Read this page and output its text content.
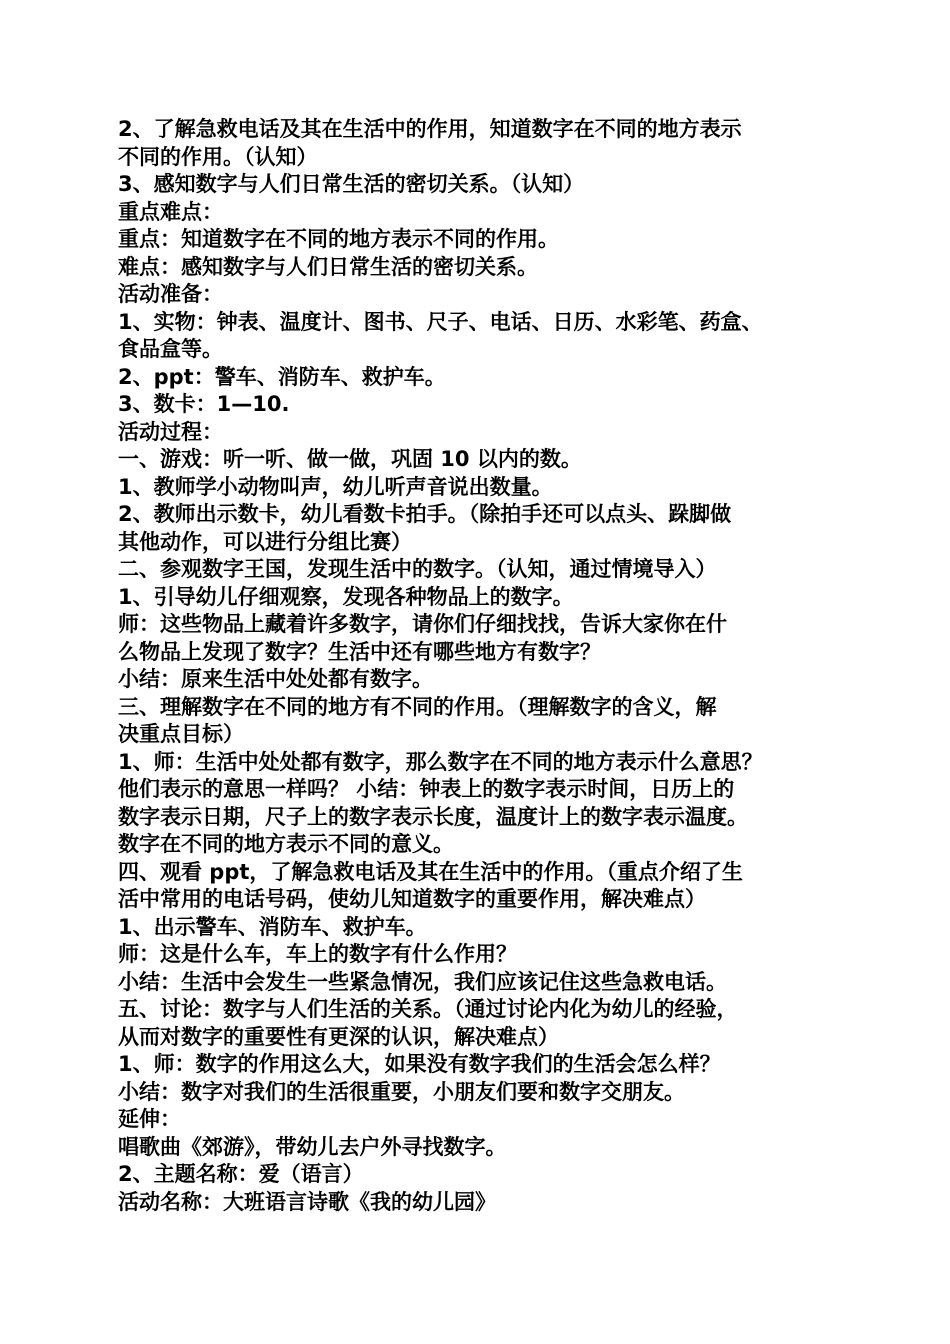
2、了解急救电话及其在生活中的作用，知道数字在不同的地方表示
不同的作用。（认知）
3、感知数字与人们日常生活的密切关系。（认知）
重点难点：
重点：知道数字在不同的地方表示不同的作用。
难点：感知数字与人们日常生活的密切关系。
活动准备：
1、实物：钟表、温度计、图书、尺子、电话、日历、水彩笔、药盒、
食品盒等。
2、ppt：警车、消防车、救护车。
3、数卡：1—10.
活动过程：
一、游戏：听一听、做一做，巩固 10 以内的数。
1、教师学小动物叫声，幼儿听声音说出数量。
2、教师出示数卡，幼儿看数卡拍手。（除拍手还可以点头、跺脚做
其他动作，可以进行分组比赛）
二、参观数字王国，发现生活中的数字。（认知，通过情境导入）
1、引导幼儿仔细观察，发现各种物品上的数字。
师：这些物品上藏着许多数字，请你们仔细找找，告诉大家你在什
么物品上发现了数字？生活中还有哪些地方有数字？
小结：原来生活中处处都有数字。
三、理解数字在不同的地方有不同的作用。（理解数字的含义，解
决重点目标）
1、师：生活中处处都有数字，那么数字在不同的地方表示什么意思？
他们表示的意思一样吗？ 小结：钟表上的数字表示时间，日历上的
数字表示日期，尺子上的数字表示长度，温度计上的数字表示温度。
数字在不同的地方表示不同的意义。
四、观看 ppt，了解急救电话及其在生活中的作用。（重点介绍了生
活中常用的电话号码，使幼儿知道数字的重要作用，解决难点）
1、出示警车、消防车、救护车。
师：这是什么车，车上的数字有什么作用？
小结：生活中会发生一些紧急情况，我们应该记住这些急救电话。
五、讨论：数字与人们生活的关系。（通过讨论内化为幼儿的经验，
从而对数字的重要性有更深的认识，解决难点）
1、师：数字的作用这么大，如果没有数字我们的生活会怎么样？
小结：数字对我们的生活很重要，小朋友们要和数字交朋友。
延伸：
唱歌曲《郊游》，带幼儿去户外寻找数字。
2、主题名称：爱（语言）
活动名称：大班语言诗歌《我的幼儿园》
